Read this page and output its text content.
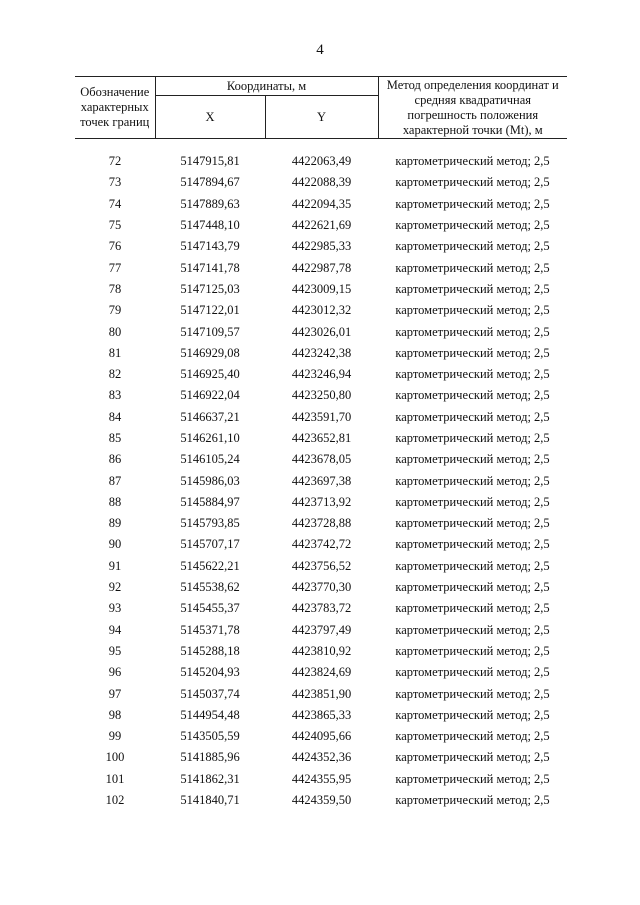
4
Обозначение характерных точек границ	Координаты, м		Метод определения координат и средняя квадратичная погрешность положения характерной точки (Mt), м
	X	Y	

72	5147915,81	4422063,49	картометрический метод; 2,5
73	5147894,67	4422088,39	картометрический метод; 2,5
74	5147889,63	4422094,35	картометрический метод; 2,5
75	5147448,10	4422621,69	картометрический метод; 2,5
76	5147143,79	4422985,33	картометрический метод; 2,5
77	5147141,78	4422987,78	картометрический метод; 2,5
78	5147125,03	4423009,15	картометрический метод; 2,5
79	5147122,01	4423012,32	картометрический метод; 2,5
80	5147109,57	4423026,01	картометрический метод; 2,5
81	5146929,08	4423242,38	картометрический метод; 2,5
82	5146925,40	4423246,94	картометрический метод; 2,5
83	5146922,04	4423250,80	картометрический метод; 2,5
84	5146637,21	4423591,70	картометрический метод; 2,5
85	5146261,10	4423652,81	картометрический метод; 2,5
86	5146105,24	4423678,05	картометрический метод; 2,5
87	5145986,03	4423697,38	картометрический метод; 2,5
88	5145884,97	4423713,92	картометрический метод; 2,5
89	5145793,85	4423728,88	картометрический метод; 2,5
90	5145707,17	4423742,72	картометрический метод; 2,5
91	5145622,21	4423756,52	картометрический метод; 2,5
92	5145538,62	4423770,30	картометрический метод; 2,5
93	5145455,37	4423783,72	картометрический метод; 2,5
94	5145371,78	4423797,49	картометрический метод; 2,5
95	5145288,18	4423810,92	картометрический метод; 2,5
96	5145204,93	4423824,69	картометрический метод; 2,5
97	5145037,74	4423851,90	картометрический метод; 2,5
98	5144954,48	4423865,33	картометрический метод; 2,5
99	5143505,59	4424095,66	картометрический метод; 2,5
100	5141885,96	4424352,36	картометрический метод; 2,5
101	5141862,31	4424355,95	картометрический метод; 2,5
102	5141840,71	4424359,50	картометрический метод; 2,5
